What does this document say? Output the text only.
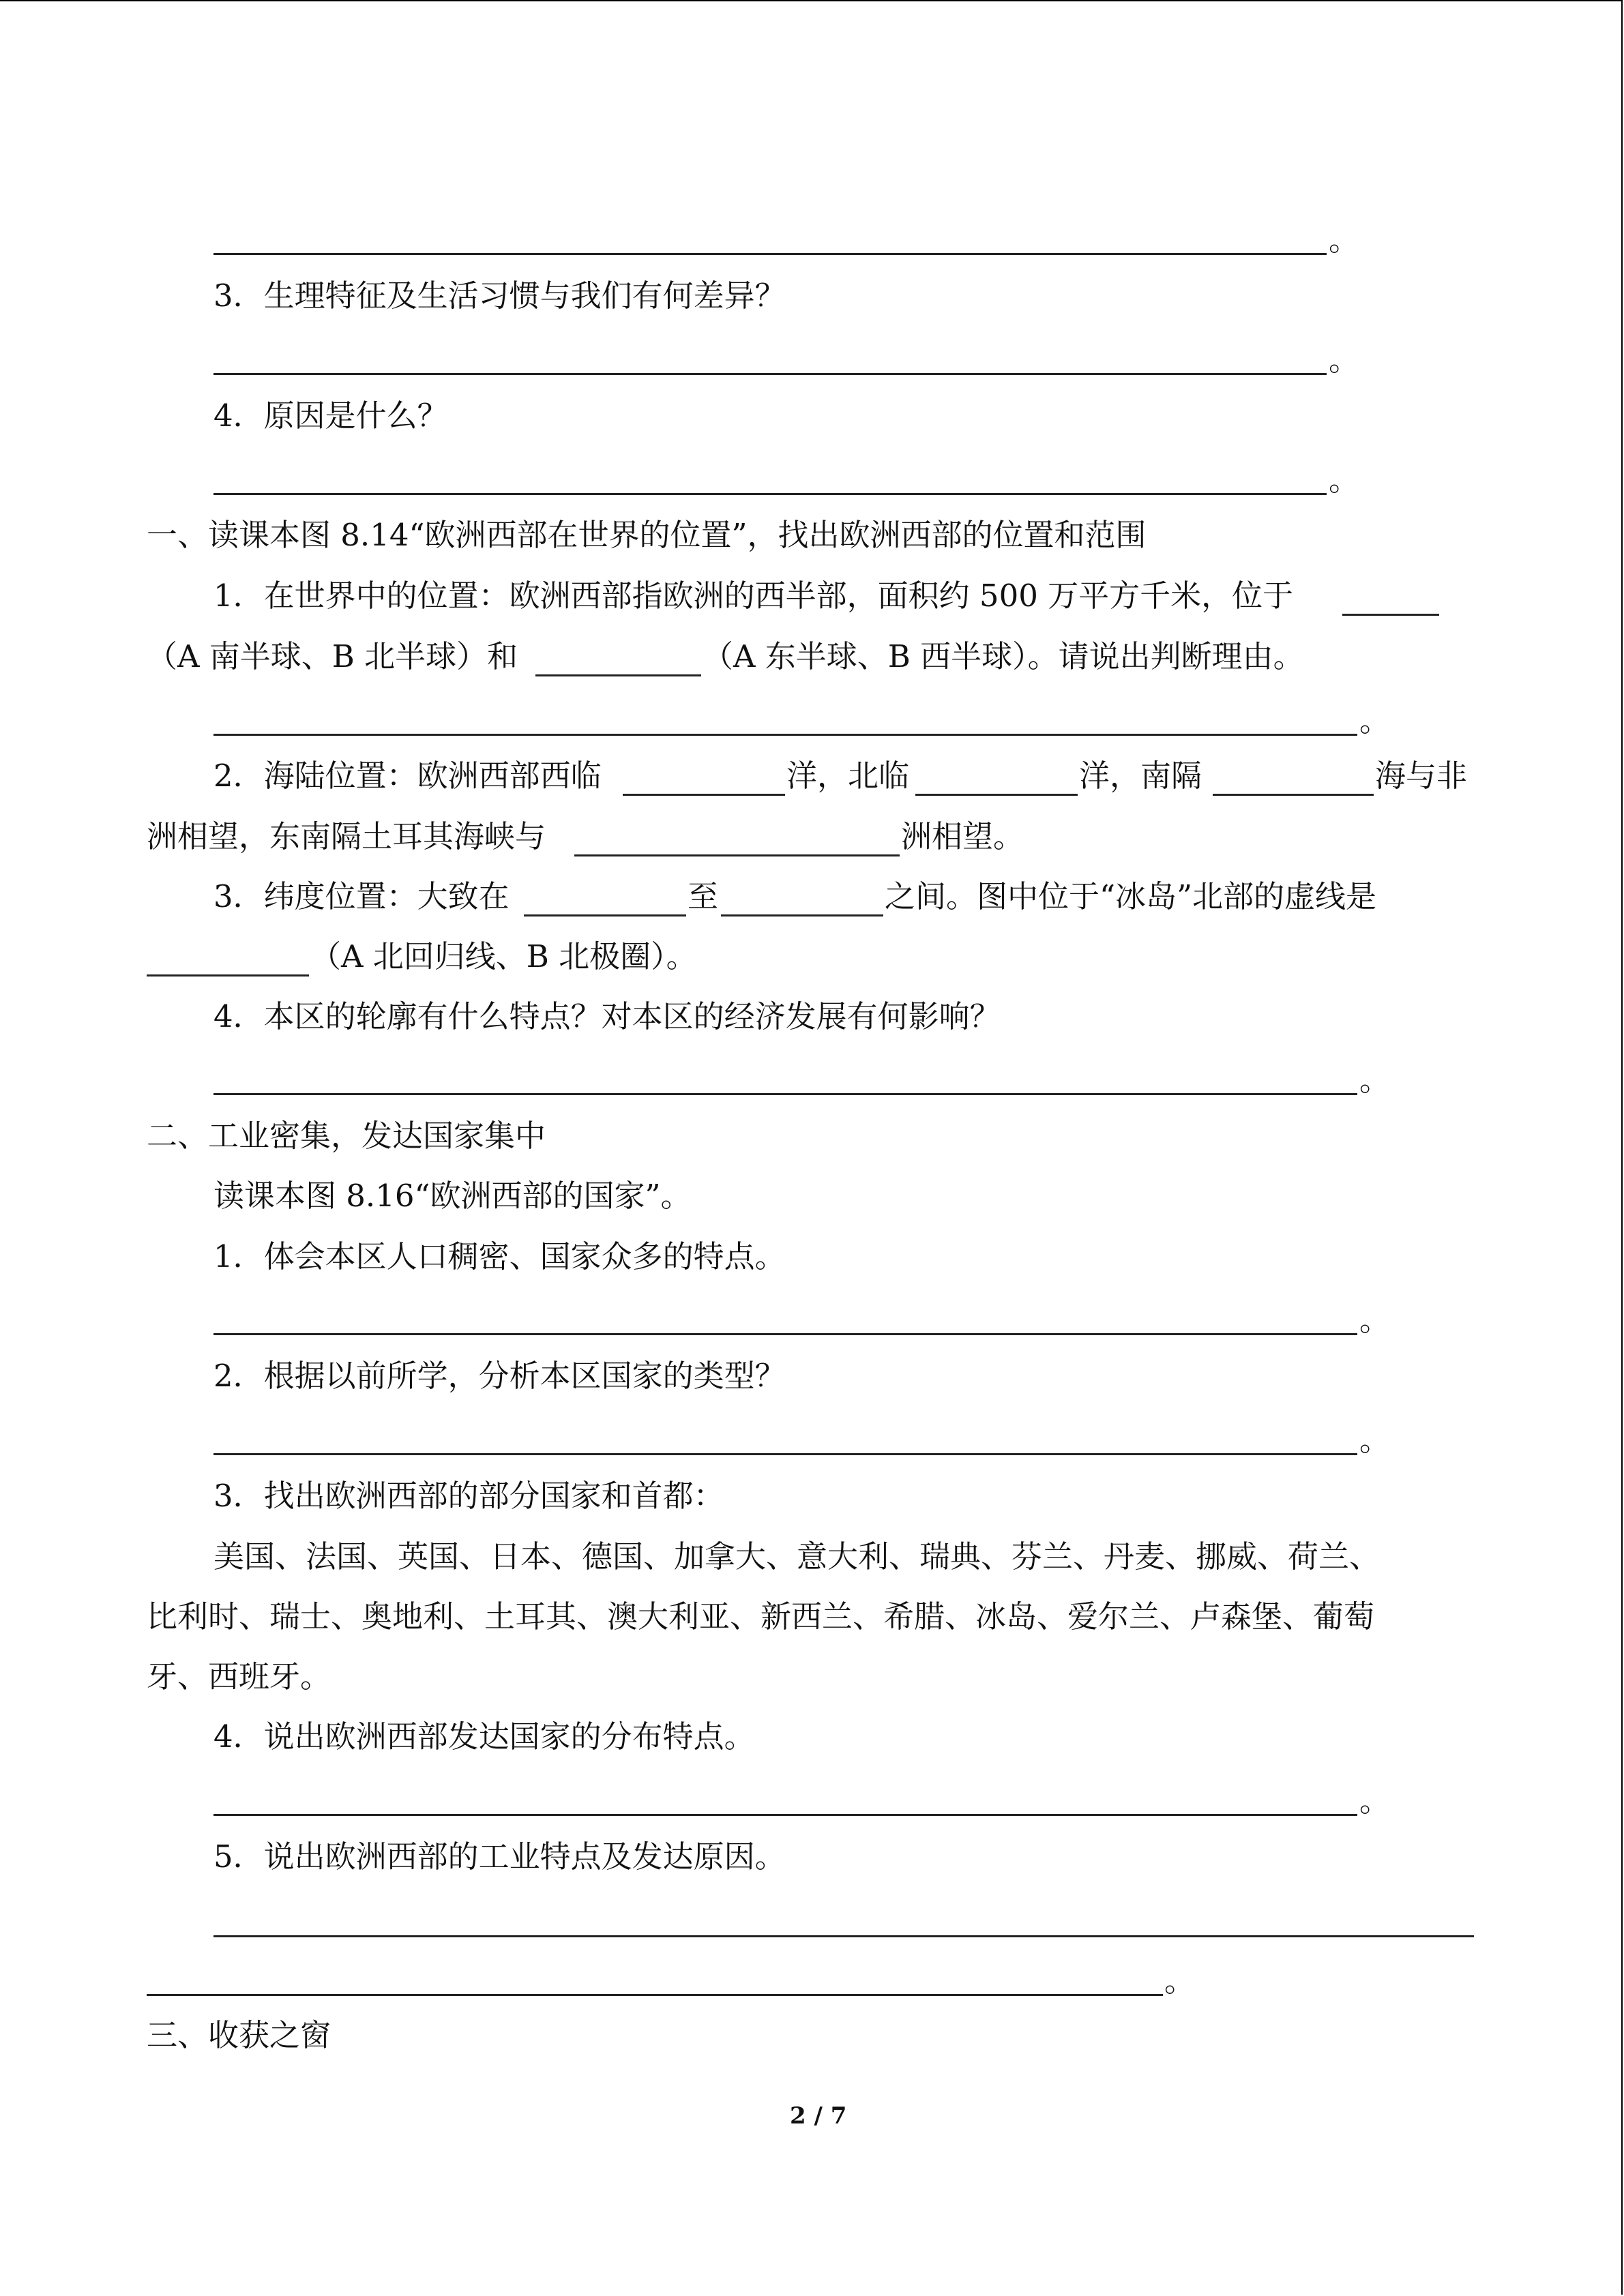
。
3．生理特征及生活习惯与我们有何差异？
。
4．原因是什么？
。
一、读课本图 8.14“欧洲西部在世界的位置”，找出欧洲西部的位置和范围
1．在世界中的位置：欧洲西部指欧洲的西半部，面积约 500 万平方千米，位于
（A 南半球、B 北半球）和	（A 东半球、B 西半球）。请说出判断理由。
。
2．海陆位置：欧洲西部西临	洋，北临	洋，南隔	海与非
洲相望，东南隔土耳其海峡与	洲相望。
3．纬度位置：大致在	至	之间。图中位于“冰岛”北部的虚线是
（A 北回归线、B 北极圈）。
4．本区的轮廓有什么特点？对本区的经济发展有何影响？
。
二、工业密集，发达国家集中
读课本图 8.16“欧洲西部的国家”。
1．体会本区人口稠密、国家众多的特点。
。
2．根据以前所学，分析本区国家的类型？
。
3．找出欧洲西部的部分国家和首都：
美国、法国、英国、日本、德国、加拿大、意大利、瑞典、芬兰、丹麦、挪威、荷兰、
比利时、瑞士、奥地利、土耳其、澳大利亚、新西兰、希腊、冰岛、爱尔兰、卢森堡、葡萄
牙、西班牙。
4．说出欧洲西部发达国家的分布特点。
。
5．说出欧洲西部的工业特点及发达原因。
。
三、收获之窗
2 / 7
